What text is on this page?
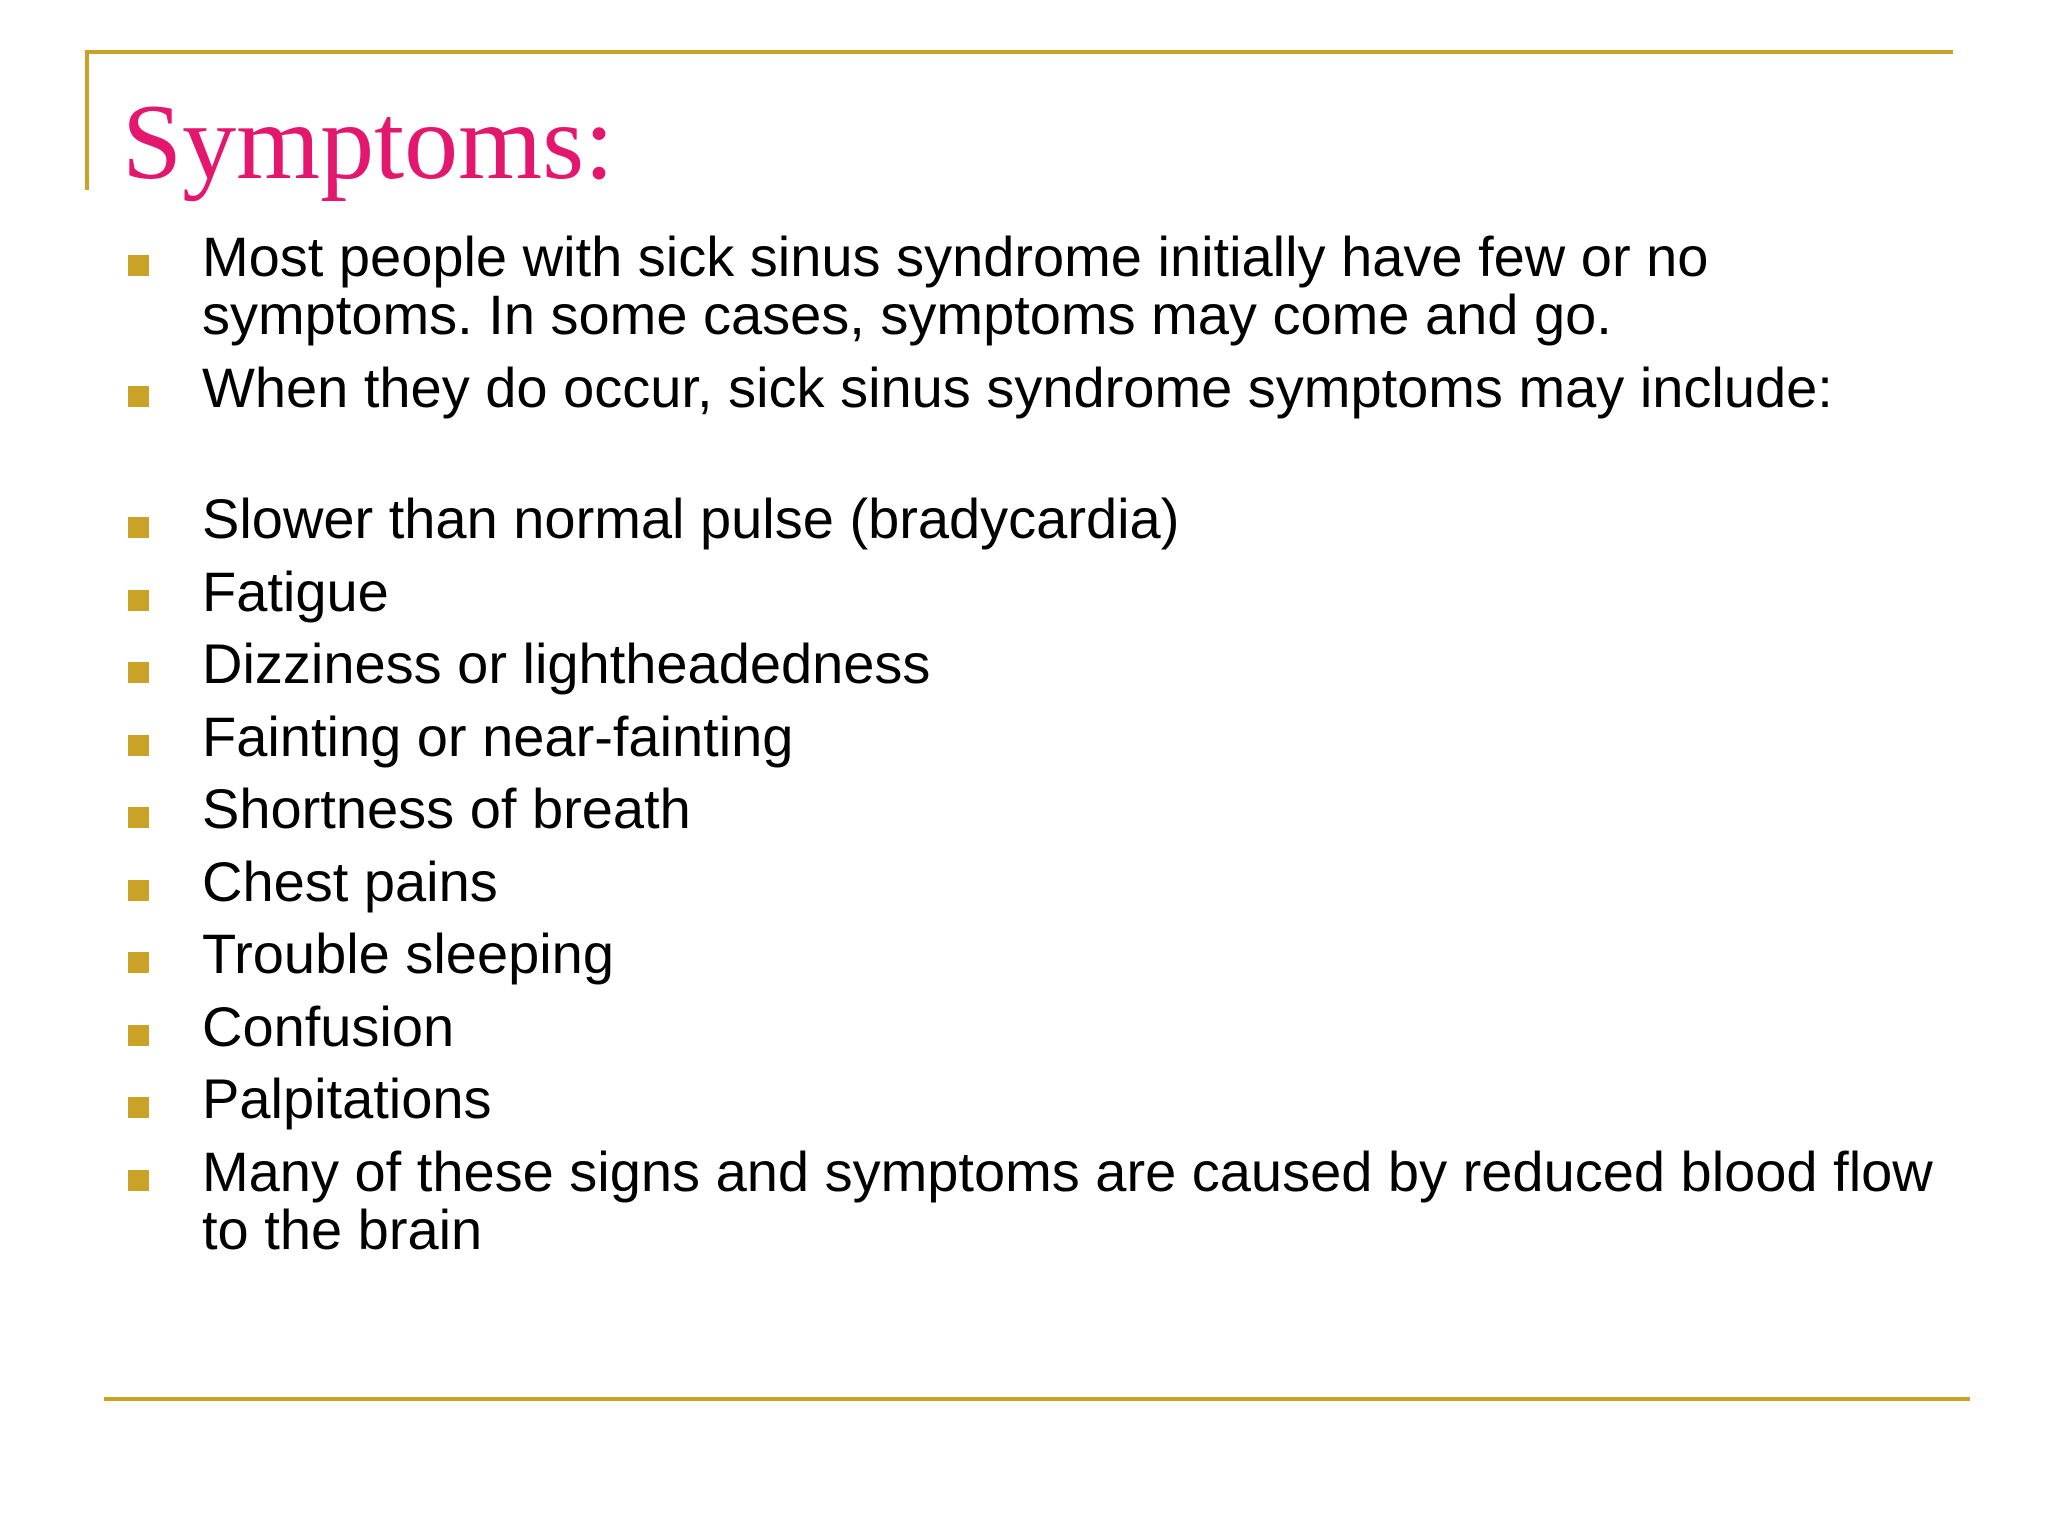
Symptoms:
Most people with sick sinus syndrome initially have few or no symptoms. In some cases, symptoms may come and go.
When they do occur, sick sinus syndrome symptoms may include:
Slower than normal pulse (bradycardia)
Fatigue
Dizziness or lightheadedness
Fainting or near-fainting
Shortness of breath
Chest pains
Trouble sleeping
Confusion
Palpitations
Many of these signs and symptoms are caused by reduced blood flow to the brain
